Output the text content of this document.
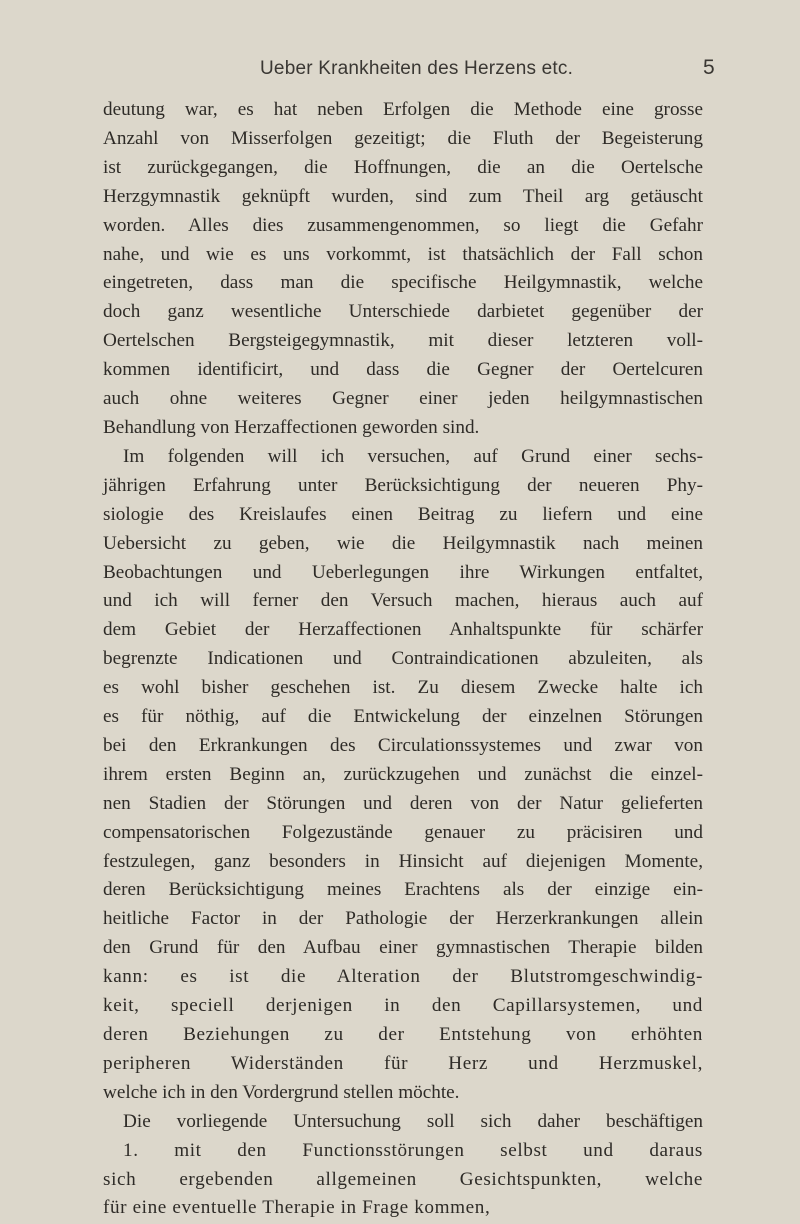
Ueber Krankheiten des Herzens etc.	5
deutung war, es hat neben Erfolgen die Methode eine grosse
Anzahl von Misserfolgen gezeitigt; die Fluth der Begeisterung
ist zurückgegangen, die Hoffnungen, die an die Oertelsche
Herzgymnastik geknüpft wurden, sind zum Theil arg getäuscht
worden. Alles dies zusammengenommen, so liegt die Gefahr
nahe, und wie es uns vorkommt, ist thatsächlich der Fall schon
eingetreten, dass man die specifische Heilgymnastik, welche
doch ganz wesentliche Unterschiede darbietet gegenüber der
Oertelschen Bergsteigegymnastik, mit dieser letzteren voll-
kommen identificirt, und dass die Gegner der Oertelcuren
auch ohne weiteres Gegner einer jeden heilgymnastischen
Behandlung von Herzaffectionen geworden sind.
Im folgenden will ich versuchen, auf Grund einer sechs-
jährigen Erfahrung unter Berücksichtigung der neueren Phy-
siologie des Kreislaufes einen Beitrag zu liefern und eine
Uebersicht zu geben, wie die Heilgymnastik nach meinen
Beobachtungen und Ueberlegungen ihre Wirkungen entfaltet,
und ich will ferner den Versuch machen, hieraus auch auf
dem Gebiet der Herzaffectionen Anhaltspunkte für schärfer
begrenzte Indicationen und Contraindicationen abzuleiten, als
es wohl bisher geschehen ist. Zu diesem Zwecke halte ich
es für nöthig, auf die Entwickelung der einzelnen Störungen
bei den Erkrankungen des Circulationssystemes und zwar von
ihrem ersten Beginn an, zurückzugehen und zunächst die einzel-
nen Stadien der Störungen und deren von der Natur gelieferten
compensatorischen Folgezustände genauer zu präcisiren und
festzulegen, ganz besonders in Hinsicht auf diejenigen Momente,
deren Berücksichtigung meines Erachtens als der einzige ein-
heitliche Factor in der Pathologie der Herzerkrankungen allein
den Grund für den Aufbau einer gymnastischen Therapie bilden
kann: es ist die Alteration der Blutstromgeschwindig-
keit, speciell derjenigen in den Capillarsystemen, und
deren Beziehungen zu der Entstehung von erhöhten
peripheren Widerständen für Herz und Herzmuskel,
welche ich in den Vordergrund stellen möchte.
Die vorliegende Untersuchung soll sich daher beschäftigen
1. mit den Functionsstörungen selbst und daraus
sich ergebenden allgemeinen Gesichtspunkten, welche
für eine eventuelle Therapie in Frage kommen,
